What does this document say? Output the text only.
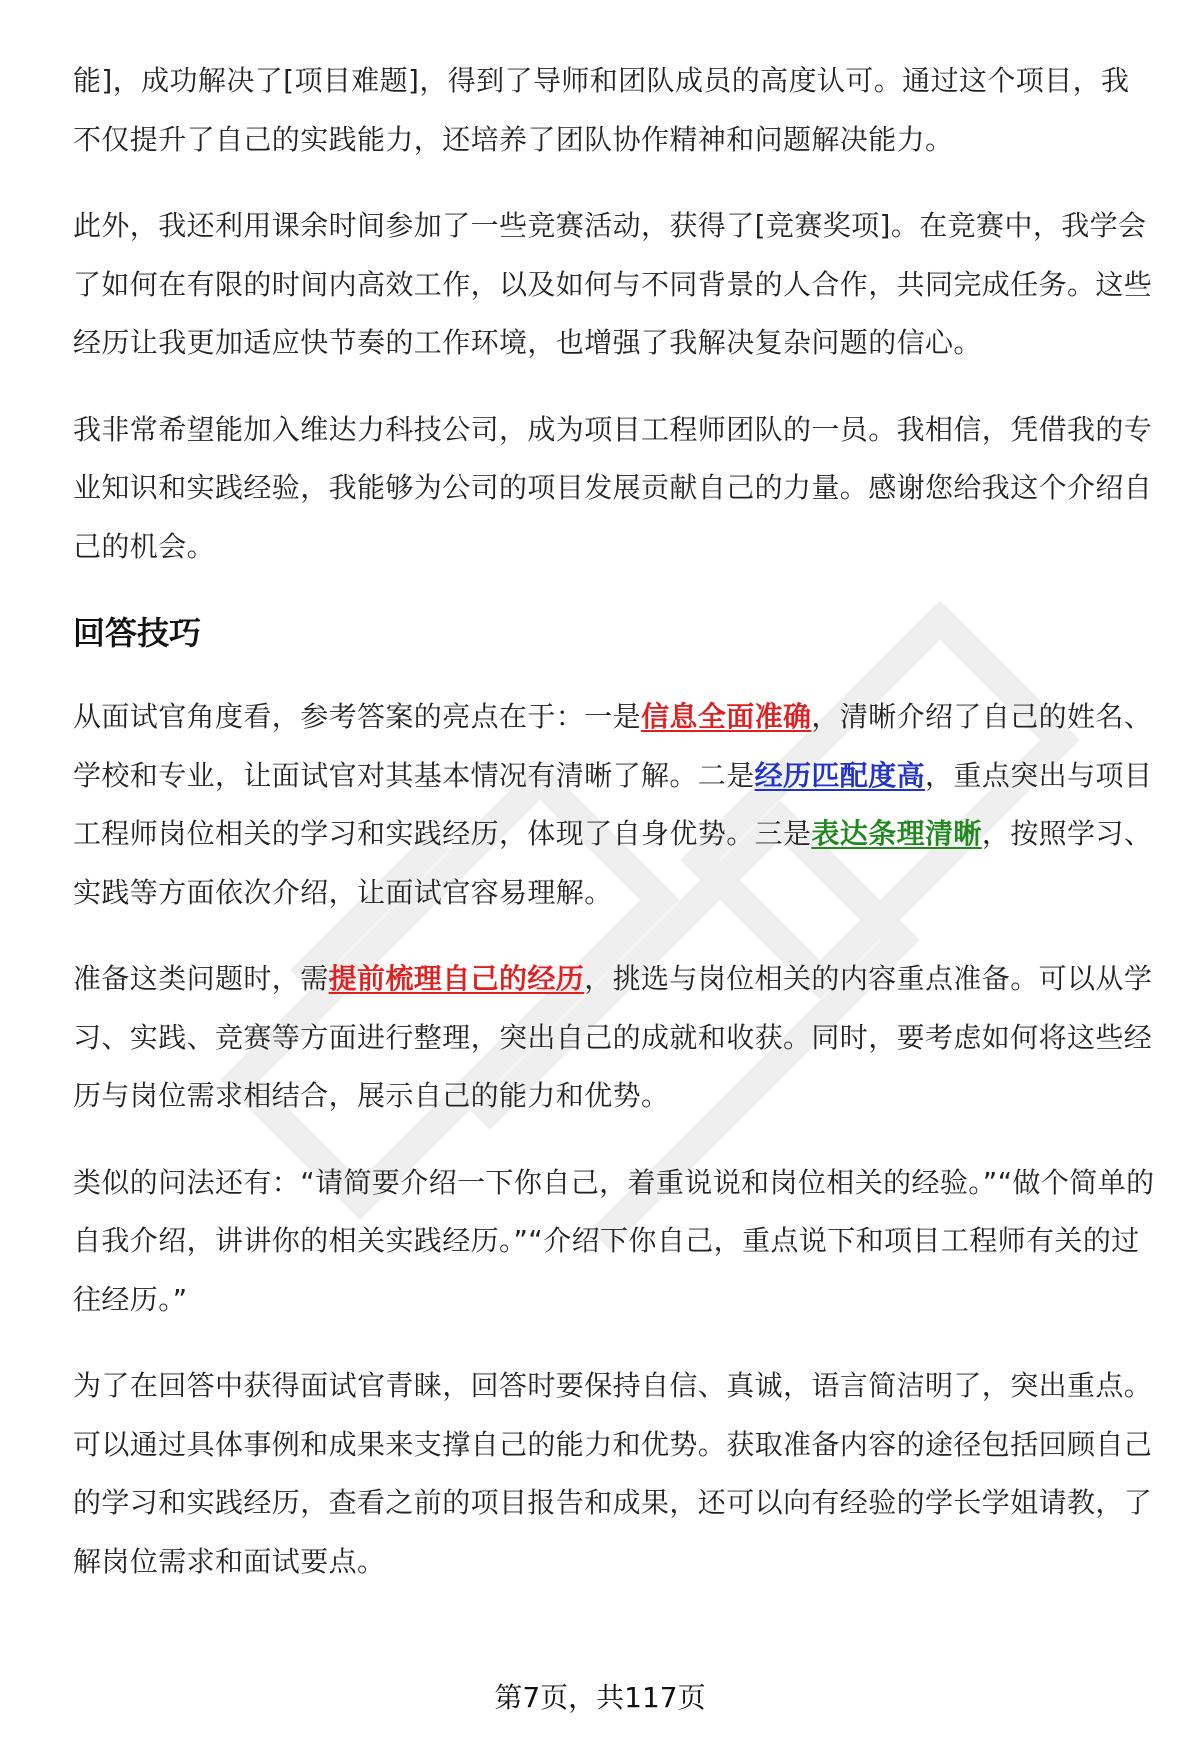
能]，成功解决了[项目难题]，得到了导师和团队成员的高度认可。通过这个项目，我不仅提升了自己的实践能力，还培养了团队协作精神和问题解决能力。

此外，我还利用课余时间参加了一些竞赛活动，获得了[竞赛奖项]。在竞赛中，我学会了如何在有限的时间内高效工作，以及如何与不同背景的人合作，共同完成任务。这些经历让我更加适应快节奏的工作环境，也增强了我解决复杂问题的信心。

我非常希望能加入维达力科技公司，成为项目工程师团队的一员。我相信，凭借我的专业知识和实践经验，我能够为公司的项目发展贡献自己的力量。感谢您给我这个介绍自己的机会。

回答技巧

从面试官角度看，参考答案的亮点在于：一是信息全面准确，清晰介绍了自己的姓名、学校和专业，让面试官对其基本情况有清晰了解。二是经历匹配度高，重点突出与项目工程师岗位相关的学习和实践经历，体现了自身优势。三是表达条理清晰，按照学习、实践等方面依次介绍，让面试官容易理解。

准备这类问题时，需提前梳理自己的经历，挑选与岗位相关的内容重点准备。可以从学习、实践、竞赛等方面进行整理，突出自己的成就和收获。同时，要考虑如何将这些经历与岗位需求相结合，展示自己的能力和优势。

类似的问法还有：“请简要介绍一下你自己，着重说说和岗位相关的经验。”“做个简单的自我介绍，讲讲你的相关实践经历。”“介绍下你自己，重点说下和项目工程师有关的过往经历。”

为了在回答中获得面试官青睐，回答时要保持自信、真诚，语言简洁明了，突出重点。可以通过具体事例和成果来支撑自己的能力和优势。获取准备内容的途径包括回顾自己的学习和实践经历，查看之前的项目报告和成果，还可以向有经验的学长学姐请教，了解岗位需求和面试要点。

第7页，共117页
